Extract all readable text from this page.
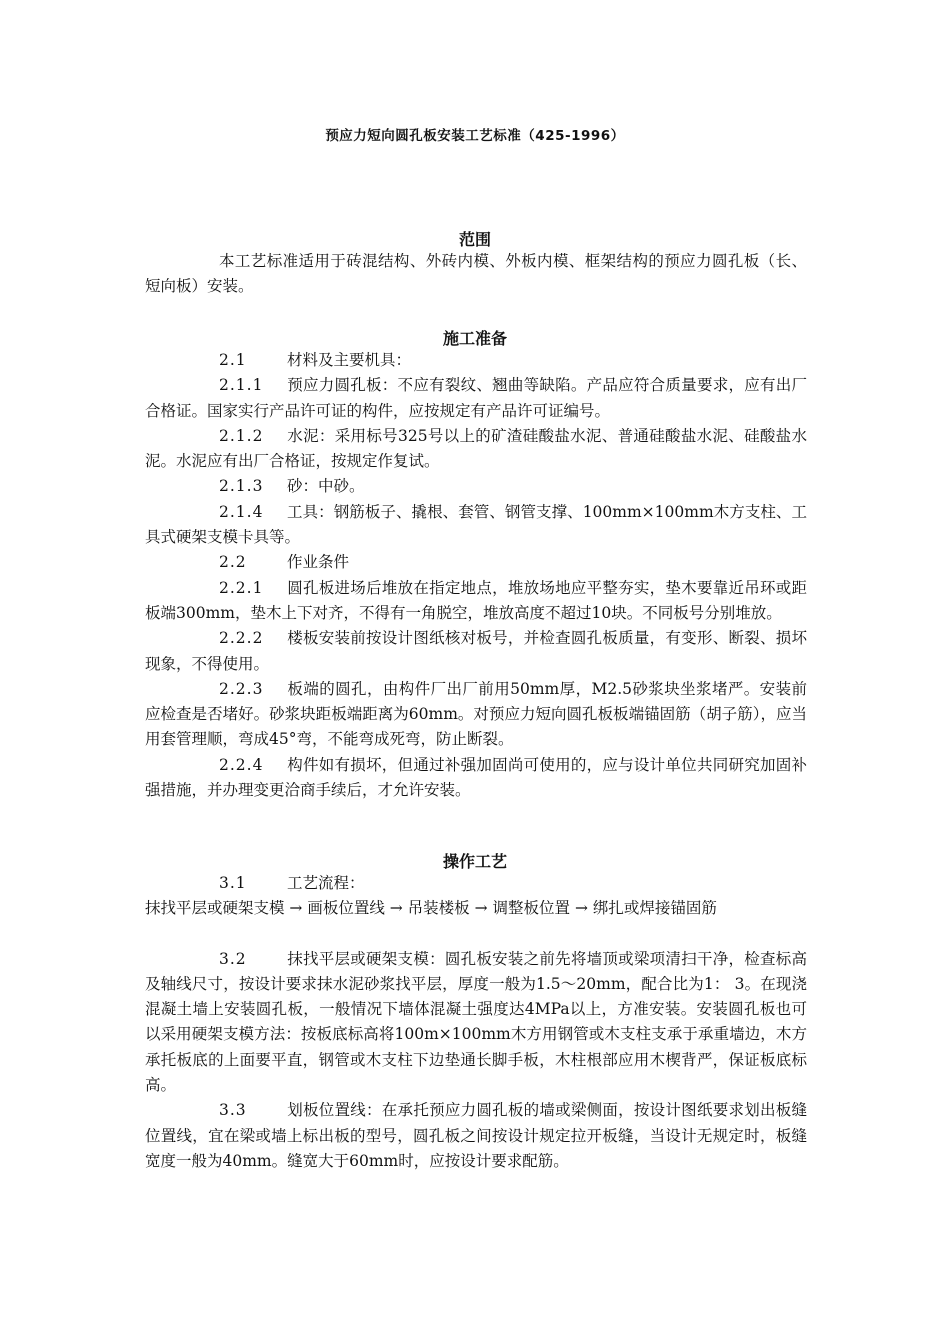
预应力短向圆孔板安装工艺标准（425-1996）
范围

本工艺标准适用于砖混结构、外砖内模、外板内模、框架结构的预应力圆孔板（长、短向板）安装。

施工准备

2.1	材料及主要机具：

2.1.1 预应力圆孔板：不应有裂纹、翘曲等缺陷。产品应符合质量要求，应有出厂合格证。国家实行产品许可证的构件，应按规定有产品许可证编号。

2.1.2 水泥：采用标号325号以上的矿渣硅酸盐水泥、普通硅酸盐水泥、硅酸盐水泥。水泥应有出厂合格证，按规定作复试。

2.1.3 砂：中砂。

2.1.4 工具：钢筋板子、撬根、套管、钢管支撑、100mm×100mm木方支柱、工具式硬架支模卡具等。

2.2	作业条件

2.2.1 圆孔板进场后堆放在指定地点，堆放场地应平整夯实，垫木要靠近吊环或距板端300mm，垫木上下对齐，不得有一角脱空，堆放高度不超过10块。不同板号分别堆放。

2.2.2 楼板安装前按设计图纸核对板号，并检查圆孔板质量，有变形、断裂、损坏现象，不得使用。

2.2.3 板端的圆孔，由构件厂出厂前用50mm厚，M2.5砂浆块坐浆堵严。安装前应检查是否堵好。砂浆块距板端距离为60mm。对预应力短向圆孔板板端锚固筋（胡子筋），应当用套管理顺，弯成45°弯，不能弯成死弯，防止断裂。

2.2.4 构件如有损坏，但通过补强加固尚可使用的，应与设计单位共同研究加固补强措施，并办理变更洽商手续后，才允许安装。

操作工艺

3.1	工艺流程：

抹找平层或硬架支模 → 画板位置线 → 吊装楼板 → 调整板位置 → 绑扎或焊接锚固筋

3.2	抹找平层或硬架支模：圆孔板安装之前先将墙顶或梁项清扫干净，检查标高及轴线尺寸，按设计要求抹水泥砂浆找平层，厚度一般为1.5～20mm，配合比为1： 3。在现浇混凝土墙上安装圆孔板，一般情况下墙体混凝土强度达4MPa以上，方准安装。安装圆孔板也可以采用硬架支模方法：按板底标高将100m×100mm木方用钢管或木支柱支承于承重墙边，木方承托板底的上面要平直，钢管或木支柱下边垫通长脚手板，木柱根部应用木楔背严，保证板底标高。

3.3	划板位置线：在承托预应力圆孔板的墙或梁侧面，按设计图纸要求划出板缝位置线，宜在梁或墙上标出板的型号，圆孔板之间按设计规定拉开板缝，当设计无规定时，板缝宽度一般为40mm。缝宽大于60mm时，应按设计要求配筋。
